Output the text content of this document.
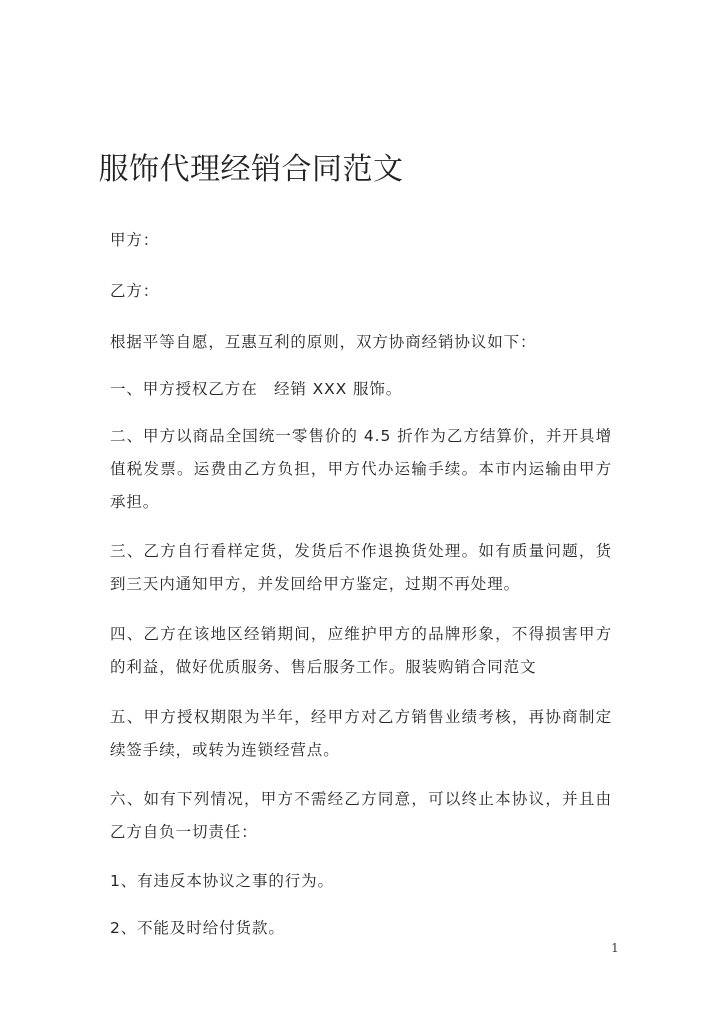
服饰代理经销合同范文

甲方：

乙方：

根据平等自愿，互惠互利的原则，双方协商经销协议如下：

一、甲方授权乙方在　经销 XXX 服饰。

二、甲方以商品全国统一零售价的 4.5 折作为乙方结算价，并开具增值税发票。运费由乙方负担，甲方代办运输手续。本市内运输由甲方承担。

三、乙方自行看样定货，发货后不作退换货处理。如有质量问题，货到三天内通知甲方，并发回给甲方鉴定，过期不再处理。

四、乙方在该地区经销期间，应维护甲方的品牌形象，不得损害甲方的利益，做好优质服务、售后服务工作。服装购销合同范文

五、甲方授权期限为半年，经甲方对乙方销售业绩考核，再协商制定续签手续，或转为连锁经营点。

六、如有下列情况，甲方不需经乙方同意，可以终止本协议，并且由乙方自负一切责任：

1、有违反本协议之事的行为。

2、不能及时给付货款。

1
